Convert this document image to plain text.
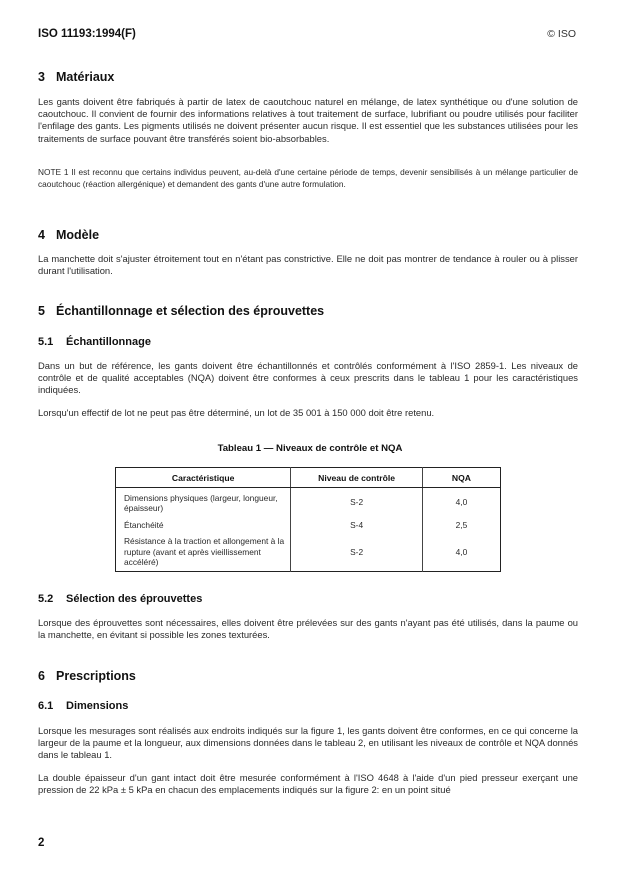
ISO 11193:1994(F)	© ISO
3 Matériaux
Les gants doivent être fabriqués à partir de latex de caoutchouc naturel en mélange, de latex synthétique ou d'une solution de caoutchouc. Il convient de fournir des informations relatives à tout traitement de surface, lubrifiant ou poudre utilisés pour faciliter l'enfilage des gants. Les pigments utilisés ne doivent présenter aucun risque. Il est essentiel que les substances utilisées pour les traitements de surface pouvant être transférés soient bio-absorbables.
NOTE 1 Il est reconnu que certains individus peuvent, au-delà d'une certaine période de temps, devenir sensibilisés à un mélange particulier de caoutchouc (réaction allergénique) et demandent des gants d'une autre formulation.
4 Modèle
La manchette doit s'ajuster étroitement tout en n'étant pas constrictive. Elle ne doit pas montrer de tendance à rouler ou à plisser durant l'utilisation.
5 Échantillonnage et sélection des éprouvettes
5.1 Échantillonnage
Dans un but de référence, les gants doivent être échantillonnés et contrôlés conformément à l'ISO 2859-1. Les niveaux de contrôle et de qualité acceptables (NQA) doivent être conformes à ceux prescrits dans le tableau 1 pour les caractéristiques indiquées.
Lorsqu'un effectif de lot ne peut pas être déterminé, un lot de 35 001 à 150 000 doit être retenu.
Tableau 1 — Niveaux de contrôle et NQA
Caractéristique	Niveau de contrôle	NQA
Dimensions physiques (largeur, longueur, épaisseur)	S-2	4,0
Étanchéité	S-4	2,5
Résistance à la traction et allongement à la rupture (avant et après vieillissement accéléré)	S-2	4,0
5.2 Sélection des éprouvettes
Lorsque des éprouvettes sont nécessaires, elles doivent être prélevées sur des gants n'ayant pas été utilisés, dans la paume ou la manchette, en évitant si possible les zones texturées.
6 Prescriptions
6.1 Dimensions
Lorsque les mesurages sont réalisés aux endroits indiqués sur la figure 1, les gants doivent être conformes, en ce qui concerne la largeur de la paume et la longueur, aux dimensions données dans le tableau 2, en utilisant les niveaux de contrôle et NQA donnés dans le tableau 1.
La double épaisseur d'un gant intact doit être mesurée conformément à l'ISO 4648 à l'aide d'un pied presseur exerçant une pression de 22 kPa ± 5 kPa en chacun des emplacements indiqués sur la figure 2: en un point situé
2
